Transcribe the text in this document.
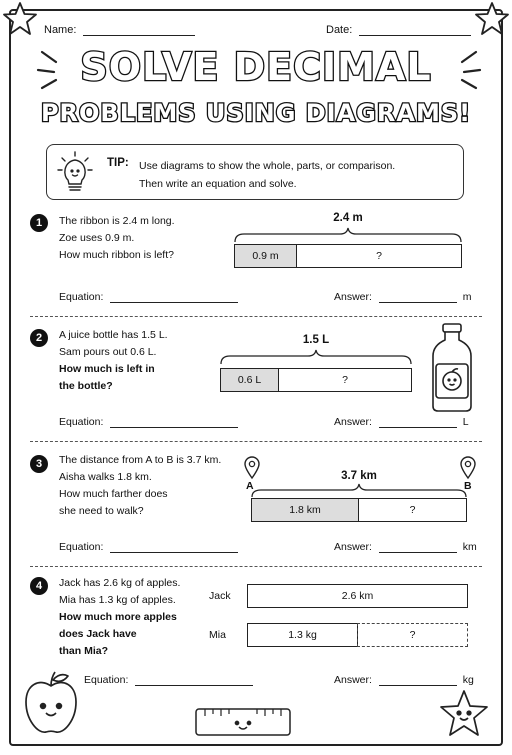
Name:	Date:
SOLVE DECIMAL
PROBLEMS USING DIAGRAMS!
TIP: Use diagrams to show the whole, parts, or comparison.
Then write an equation and solve.
1	The ribbon is 2.4 m long.
Zoe uses 0.9 m.
How much ribbon is left?
2.4 m
0.9 m	?
Equation:	Answer:	m
2	A juice bottle has 1.5 L.
Sam pours out 0.6 L.
How much is left in
the bottle?
1.5 L
0.6 L	?
Equation:	Answer:	L
3	The distance from A to B is 3.7 km.
Aisha walks 1.8 km.
How much farther does
she need to walk?
A	B
3.7 km
1.8 km	?
Equation:	Answer:	km
4	Jack has 2.6 kg of apples.
Mia has 1.3 kg of apples.
How much more apples
does Jack have
than Mia?
Jack	2.6 km
Mia	1.3 kg	?
Equation:	Answer:	kg
